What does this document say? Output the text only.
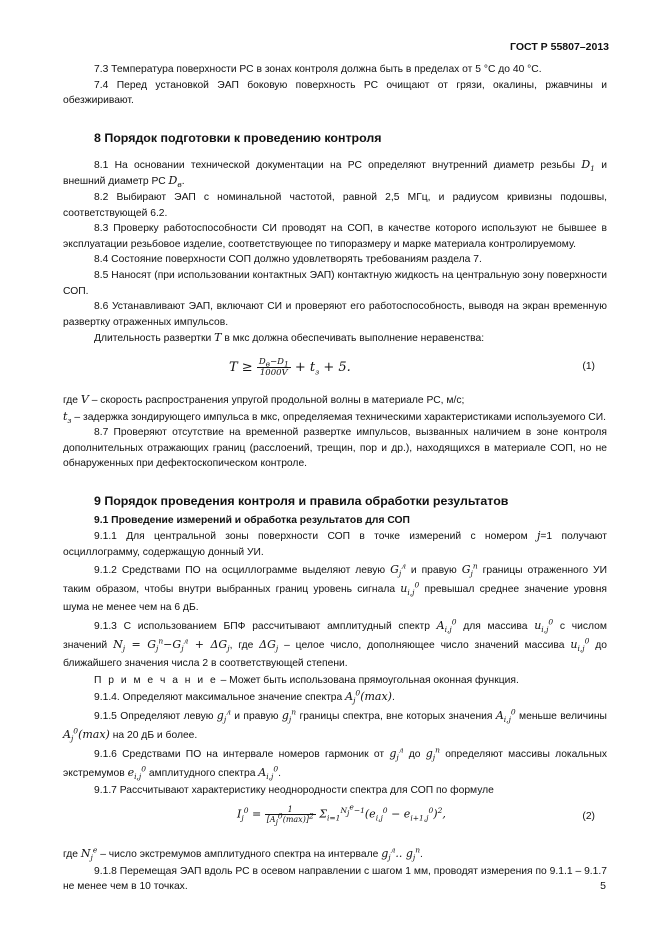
ГОСТ Р 55807–2013

7.3 Температура поверхности РС в зонах контроля должна быть в пределах от 5 °С до 40 °С.

7.4 Перед установкой ЭАП боковую поверхность РС очищают от грязи, окалины, ржавчины и обезжиривают.

8 Порядок подготовки к проведению контроля

8.1 На основании технической документации на РС определяют внутренний диаметр резьбы $D_1$ и внешний диаметр РС $D_в$.

8.2 Выбирают ЭАП с номинальной частотой, равной 2,5 МГц, и радиусом кривизны подошвы, соответствующей 6.2.

8.3 Проверку работоспособности СИ проводят на СОП, в качестве которого используют не бывшее в эксплуатации резьбовое изделие, соответствующее по типоразмеру и марке материала контролируемому.

8.4 Состояние поверхности СОП должно удовлетворять требованиям раздела 7.

8.5 Наносят (при использовании контактных ЭАП) контактную жидкость на центральную зону поверхности СОП.

8.6 Устанавливают ЭАП, включают СИ и проверяют его работоспособность, выводя на экран временную развертку отраженных импульсов.

Длительность развертки T в мкс должна обеспечивать выполнение неравенства:

$T \ge \frac{D_в-D_1}{1000V} + t_з + 5$.	(1)

где V – скорость распространения упругой продольной волны в материале РС, м/с;

$t_з$ – задержка зондирующего импульса в мкс, определяемая техническими характеристиками используемого СИ.

8.7 Проверяют отсутствие на временной развертке импульсов, вызванных наличием в зоне контроля дополнительных отражающих границ (расслоений, трещин, пор и др.), находящихся в материале СОП, но не обнаруженных при дефектоскопическом контроле.

9 Порядок проведения контроля и правила обработки результатов
9.1 Проведение измерений и обработка результатов для СОП

9.1.1 Для центральной зоны поверхности СОП в точке измерений с номером j=1 получают осциллограмму, содержащую донный УИ.

9.1.2 Средствами ПО на осциллограмме выделяют левую $G_j^л$ и правую $G_j^п$ границы отраженного УИ таким образом, чтобы внутри выбранных границ уровень сигнала $u_{i,j}^0$ превышал среднее значение уровня шума не менее чем на 6 дБ.

9.1.3 С использованием БПФ рассчитывают амплитудный спектр $A_{i,j}^0$ для массива $u_{i,j}^0$ с числом значений $N_j = G_j^п-G_j^л + \Delta G_j$, где $\Delta G_j$ – целое число, дополняющее число значений массива $u_{i,j}^0$ до ближайшего значения числа 2 в соответствующей степени.

П р и м е ч а н и е – Может быть использована прямоугольная оконная функция.

9.1.4. Определяют максимальное значение спектра $A_j^0(\max)$.

9.1.5 Определяют левую $g_j^л$ и правую $g_j^п$ границы спектра, вне которых значения $A_{i,j}^0$ меньше величины $A_j^0(\max)$ на 20 дБ и более.

9.1.6 Средствами ПО на интервале номеров гармоник от $g_j^л$ до $g_j^п$ определяют массивы локальных экстремумов $e_{i,j}^0$ амплитудного спектра $A_{i,j}^0$.

9.1.7 Рассчитывают характеристику неоднородности спектра для СОП по формуле

$I_j^0 = \frac{1}{[A_j^0(\max)]^2} \Sigma_{i=1}^{N_j^e-1}(e_{i,j}^0 - e_{i+1,j}^0)^2$,	(2)

где $N_j^e$ – число экстремумов амплитудного спектра на интервале $g_j^л$.. $g_j^п$.

9.1.8 Перемещая ЭАП вдоль РС в осевом направлении с шагом 1 мм, проводят измерения по 9.1.1 – 9.1.7 не менее чем в 10 точках.	5
